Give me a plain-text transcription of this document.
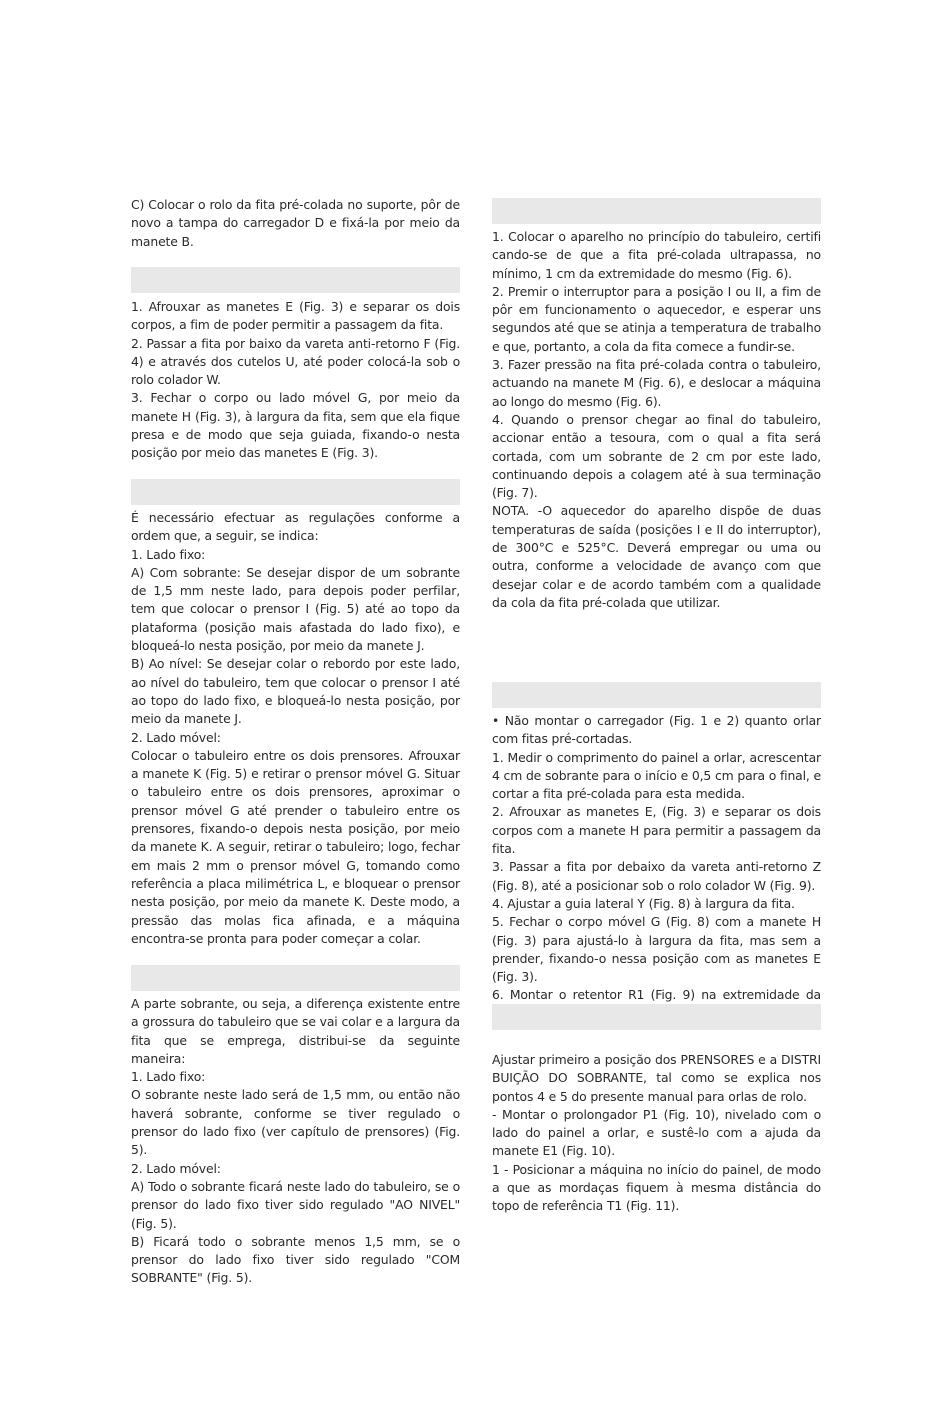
C) Colocar o rolo da fita pré-colada no suporte, pôr de novo a tampa do carregador D e fixá-la por meio da manete B.

1. Afrouxar as manetes E (Fig. 3) e separar os dois corpos, a fim de poder permitir a passagem da fita.
2. Passar a fita por baixo da vareta anti-retorno F (Fig. 4) e através dos cutelos U, até poder colocá-la sob o rolo colador W.
3. Fechar o corpo ou lado móvel G, por meio da manete H (Fig. 3), à largura da fita, sem que ela fique presa e de modo que seja guiada, fixando-o nesta posição por meio das manetes E (Fig. 3).

É necessário efectuar as regulações conforme a ordem que, a seguir, se indica:
1. Lado fixo:
A) Com sobrante: Se desejar dispor de um sobrante de 1,5 mm neste lado, para depois poder perfilar, tem que colocar o prensor I (Fig. 5) até ao topo da plataforma (posição mais afastada do lado fixo), e bloqueá-lo nesta posição, por meio da manete J.
B) Ao nível: Se desejar colar o rebordo por este lado, ao nível do tabuleiro, tem que colocar o prensor I até ao topo do lado fixo, e bloqueá-lo nesta posição, por meio da manete J.
2. Lado móvel:
Colocar o tabuleiro entre os dois prensores. Afrouxar a manete K (Fig. 5) e retirar o prensor móvel G. Situar o tabuleiro entre os dois prensores, aproximar o prensor móvel G até prender o tabuleiro entre os prensores, fixando-o depois nesta posição, por meio da manete K. A seguir, retirar o tabuleiro; logo, fechar em mais 2 mm o prensor móvel G, tomando como referência a placa milimétrica L, e bloquear o prensor nesta posição, por meio da manete K. Deste modo, a pressão das molas fica afinada, e a máquina encontra-se pronta para poder começar a colar.

A parte sobrante, ou seja, a diferença existente entre a grossura do tabuleiro que se vai colar e a largura da fita que se emprega, distribui-se da seguinte maneira:
1. Lado fixo:
O sobrante neste lado será de 1,5 mm, ou então não haverá sobrante, conforme se tiver regulado o prensor do lado fixo (ver capítulo de prensores) (Fig. 5).
2. Lado móvel:
A) Todo o sobrante ficará neste lado do tabuleiro, se o prensor do lado fixo tiver sido regulado "AO NIVEL" (Fig. 5).
B) Ficará todo o sobrante menos 1,5 mm, se o prensor do lado fixo tiver sido regulado "COM SOBRANTE" (Fig. 5).

1. Colocar o aparelho no princípio do tabuleiro, certifi cando-se de que a fita pré-colada ultrapassa, no mínimo, 1 cm da extremidade do mesmo (Fig. 6).
2. Premir o interruptor para a posição I ou II, a fim de pôr em funcionamento o aquecedor, e esperar uns segundos até que se atinja a temperatura de trabalho e que, portanto, a cola da fita comece a fundir-se.
3. Fazer pressão na fita pré-colada contra o tabuleiro, actuando na manete M (Fig. 6), e deslocar a máquina ao longo do mesmo (Fig. 6).
4. Quando o prensor chegar ao final do tabuleiro, accionar então a tesoura, com o qual a fita será cortada, com um sobrante de 2 cm por este lado, continuando depois a colagem até à sua terminação (Fig. 7).
NOTA. -O aquecedor do aparelho dispõe de duas temperaturas de saída (posições I e II do interruptor), de 300°C e 525°C. Deverá empregar ou uma ou outra, conforme a velocidade de avanço com que desejar colar e de acordo também com a qualidade da cola da fita pré-colada que utilizar.

• Não montar o carregador (Fig. 1 e 2) quanto orlar com fitas pré-cortadas.
1. Medir o comprimento do painel a orlar, acrescentar 4 cm de sobrante para o início e 0,5 cm para o final, e cortar a fita pré-colada para esta medida.
2. Afrouxar as manetes E, (Fig. 3) e separar os dois corpos com a manete H para permitir a passagem da fita.
3. Passar a fita por debaixo da vareta anti-retorno Z (Fig. 8), até a posicionar sob o rolo colador W (Fig. 9).
4. Ajustar a guia lateral Y (Fig. 8) à largura da fita.
5. Fechar o corpo móvel G (Fig. 8) com a manete H (Fig. 3) para ajustá-lo à largura da fita, mas sem a prender, fixando-o nessa posição com as manetes E (Fig. 3).
6. Montar o retentor R1 (Fig. 9) na extremidade da

Ajustar primeiro a posição dos PRENSORES e a DISTRI BUIÇÃO DO SOBRANTE, tal como se explica nos pontos 4 e 5 do presente manual para orlas de rolo.
- Montar o prolongador P1 (Fig. 10), nivelado com o lado do painel a orlar, e sustê-lo com a ajuda da manete E1 (Fig. 10).
1 - Posicionar a máquina no início do painel, de modo a que as mordaças fiquem à mesma distância do topo de referência T1 (Fig. 11).
